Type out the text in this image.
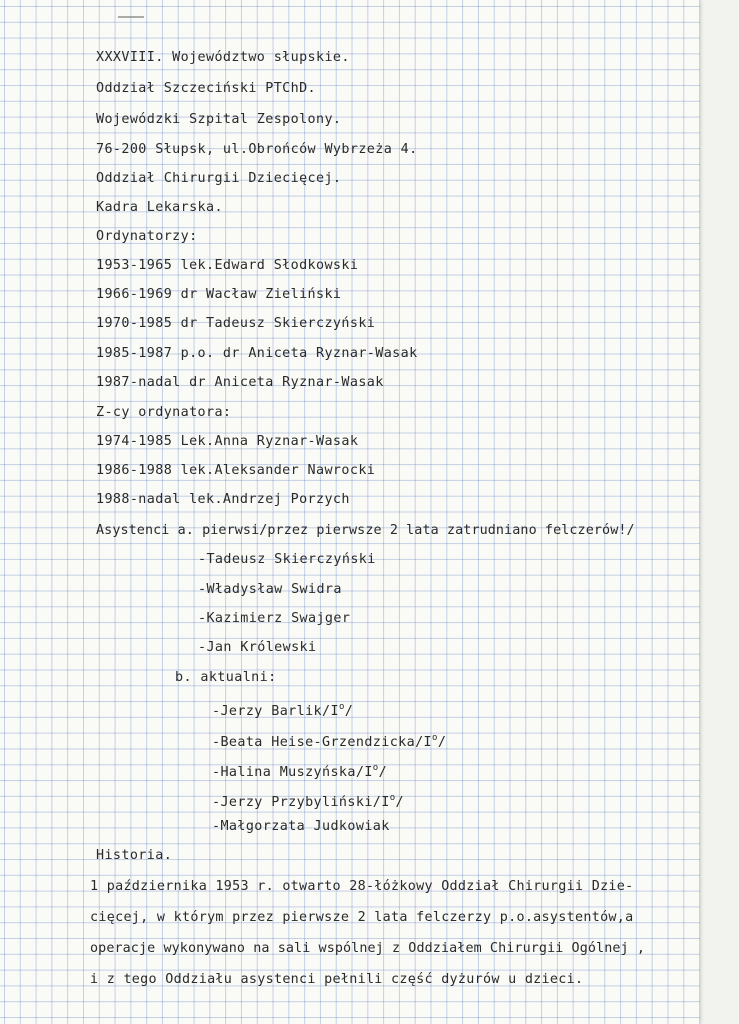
XXXVIII. Województwo słupskie.
Oddział Szczeciński PTChD.
Wojewódzki Szpital Zespolony.
76-200 Słupsk, ul.Obrońców Wybrzeża 4.
Oddział Chirurgii Dziecięcej.
Kadra Lekarska.
Ordynatorzy:
1953-1965 lek.Edward Słodkowski
1966-1969 dr Wacław Zieliński
1970-1985 dr Tadeusz Skierczyński
1985-1987 p.o. dr Aniceta Ryznar-Wasak
1987-nadal dr Aniceta Ryznar-Wasak
Z-cy ordynatora:
1974-1985 Lek.Anna Ryznar-Wasak
1986-1988 lek.Aleksander Nawrocki
1988-nadal lek.Andrzej Porzych
Asystenci a. pierwsi/przez pierwsze 2 lata zatrudniano felczerów!/
-Tadeusz Skierczyński
-Władysław Swidra
-Kazimierz Swajger
-Jan Królewski
b. aktualni:
-Jerzy Barlik/$I^o/$
-Beata Heise-$Grzendzicka/I^o/$
-Halina Muszyńska/$I^o/$
-Jerzy Przybyliński/$I^o/$
-Małgorzata Judkowiak
Historia.
1 października 1953 r. otwarto 28-łóżkowy Oddział Chirurgii Dzie-
cięcej, w którym przez pierwsze 2 lata felczerzy p.o.asystentów,a
operacje wykonywano na sali wspólnej z Oddziałem Chirurgii Ogólnej ,
i z tego Oddziału asystenci pełnili część dyżurów u dzieci.
